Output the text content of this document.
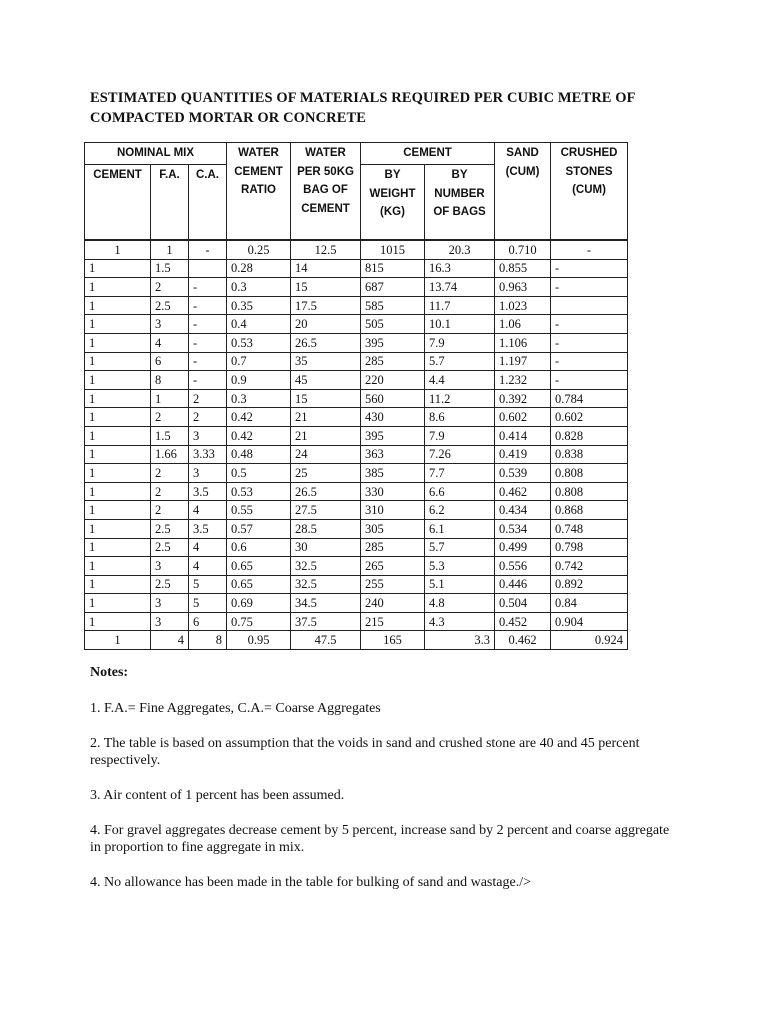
ESTIMATED QUANTITIES OF MATERIALS REQUIRED PER CUBIC METRE OF COMPACTED MORTAR OR CONCRETE
NOMINAL MIX			WATER CEMENT RATIO	WATER PER 50KG BAG OF CEMENT	CEMENT		SAND (CUM)	CRUSHED STONES (CUM)
CEMENT	F.A.	C.A.			BY WEIGHT (KG)	BY NUMBER OF BAGS		
1	1	-	0.25	12.5	1015	20.3	0.710	-
1	1.5		0.28	14	815	16.3	0.855	-
1	2	-	0.3	15	687	13.74	0.963	-
1	2.5	-	0.35	17.5	585	11.7	1.023	
1	3	-	0.4	20	505	10.1	1.06	-
1	4	-	0.53	26.5	395	7.9	1.106	-
1	6	-	0.7	35	285	5.7	1.197	-
1	8	-	0.9	45	220	4.4	1.232	-
1	1	2	0.3	15	560	11.2	0.392	0.784
1	2	2	0.42	21	430	8.6	0.602	0.602
1	1.5	3	0.42	21	395	7.9	0.414	0.828
1	1.66	3.33	0.48	24	363	7.26	0.419	0.838
1	2	3	0.5	25	385	7.7	0.539	0.808
1	2	3.5	0.53	26.5	330	6.6	0.462	0.808
1	2	4	0.55	27.5	310	6.2	0.434	0.868
1	2.5	3.5	0.57	28.5	305	6.1	0.534	0.748
1	2.5	4	0.6	30	285	5.7	0.499	0.798
1	3	4	0.65	32.5	265	5.3	0.556	0.742
1	2.5	5	0.65	32.5	255	5.1	0.446	0.892
1	3	5	0.69	34.5	240	4.8	0.504	0.84
1	3	6	0.75	37.5	215	4.3	0.452	0.904
1	4	8	0.95	47.5	165	3.3	0.462	0.924
Notes:

1. F.A.= Fine Aggregates, C.A.= Coarse Aggregates

2. The table is based on assumption that the voids in sand and crushed stone are 40 and 45 percent respectively.

3. Air content of 1 percent has been assumed.

4. For gravel aggregates decrease cement by 5 percent, increase sand by 2 percent and coarse aggregate in proportion to fine aggregate in mix.

4. No allowance has been made in the table for bulking of sand and wastage./>
